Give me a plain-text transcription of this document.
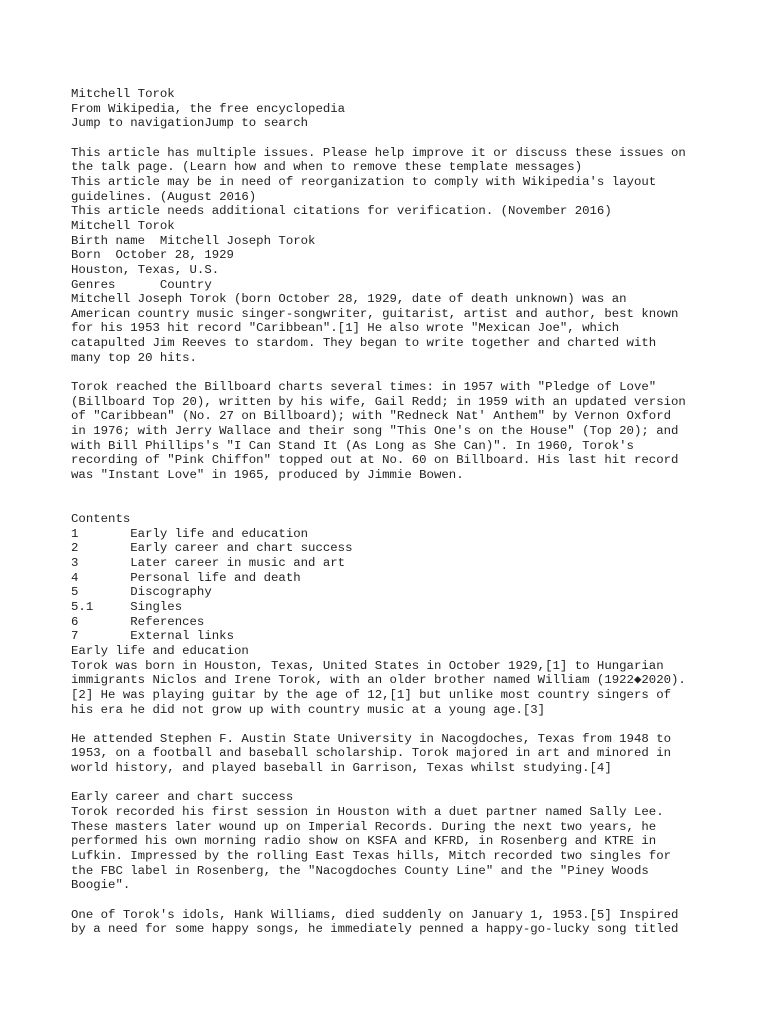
Mitchell Torok
From Wikipedia, the free encyclopedia
Jump to navigationJump to search
This article has multiple issues. Please help improve it or discuss these issues on
the talk page. (Learn how and when to remove these template messages)
This article may be in need of reorganization to comply with Wikipedia's layout
guidelines. (August 2016)
This article needs additional citations for verification. (November 2016)
Mitchell Torok
Birth name  Mitchell Joseph Torok
Born  October 28, 1929
Houston, Texas, U.S.
Genres      Country
Mitchell Joseph Torok (born October 28, 1929, date of death unknown) was an
American country music singer-songwriter, guitarist, artist and author, best known
for his 1953 hit record "Caribbean".[1] He also wrote "Mexican Joe", which
catapulted Jim Reeves to stardom. They began to write together and charted with
many top 20 hits.
Torok reached the Billboard charts several times: in 1957 with "Pledge of Love"
(Billboard Top 20), written by his wife, Gail Redd; in 1959 with an updated version
of "Caribbean" (No. 27 on Billboard); with "Redneck Nat' Anthem" by Vernon Oxford
in 1976; with Jerry Wallace and their song "This One's on the House" (Top 20); and
with Bill Phillips's "I Can Stand It (As Long as She Can)". In 1960, Torok's
recording of "Pink Chiffon" topped out at No. 60 on Billboard. His last hit record
was "Instant Love" in 1965, produced by Jimmie Bowen.
Contents
1		Early life and education
2		Early career and chart success
3		Later career in music and art
4		Personal life and death
5		Discography
5.1		Singles
6		References
7		External links
Early life and education
Torok was born in Houston, Texas, United States in October 1929,[1] to Hungarian
immigrants Niclos and Irene Torok, with an older brother named William (1922◆2020).
[2] He was playing guitar by the age of 12,[1] but unlike most country singers of
his era he did not grow up with country music at a young age.[3]
He attended Stephen F. Austin State University in Nacogdoches, Texas from 1948 to
1953, on a football and baseball scholarship. Torok majored in art and minored in
world history, and played baseball in Garrison, Texas whilst studying.[4]
Early career and chart success
Torok recorded his first session in Houston with a duet partner named Sally Lee.
These masters later wound up on Imperial Records. During the next two years, he
performed his own morning radio show on KSFA and KFRD, in Rosenberg and KTRE in
Lufkin. Impressed by the rolling East Texas hills, Mitch recorded two singles for
the FBC label in Rosenberg, the "Nacogdoches County Line" and the "Piney Woods
Boogie".
One of Torok's idols, Hank Williams, died suddenly on January 1, 1953.[5] Inspired
by a need for some happy songs, he immediately penned a happy-go-lucky song titled
